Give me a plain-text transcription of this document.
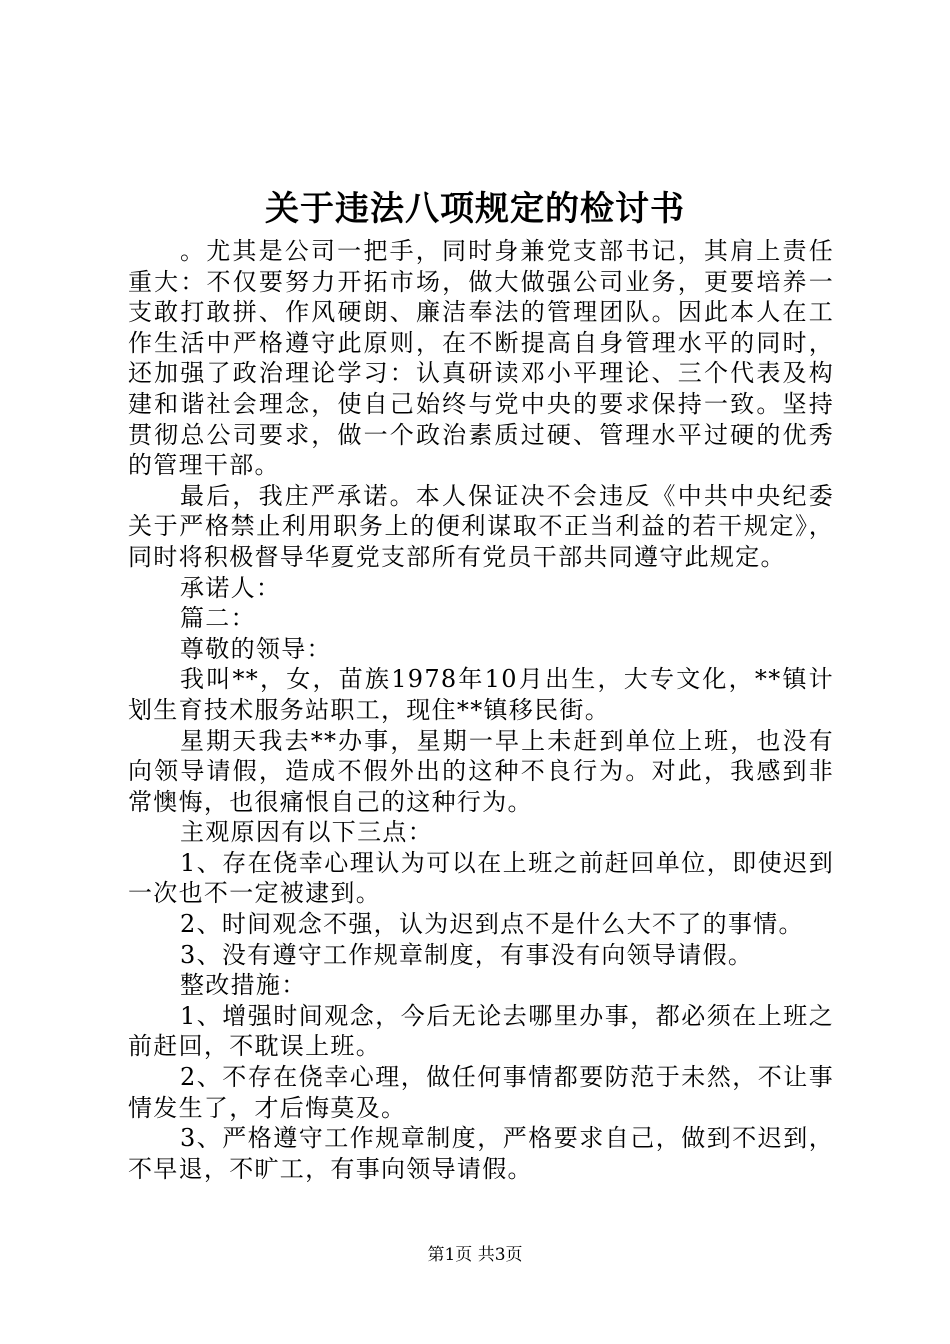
关于违法八项规定的检讨书

。尤其是公司一把手，同时身兼党支部书记，其肩上责任重大：不仅要努力开拓市场，做大做强公司业务，更要培养一支敢打敢拼、作风硬朗、廉洁奉法的管理团队。因此本人在工作生活中严格遵守此原则，在不断提高自身管理水平的同时，还加强了政治理论学习：认真研读邓小平理论、三个代表及构建和谐社会理念，使自己始终与党中央的要求保持一致。坚持贯彻总公司要求，做一个政治素质过硬、管理水平过硬的优秀的管理干部。

最后，我庄严承诺。本人保证决不会违反《中共中央纪委关于严格禁止利用职务上的便利谋取不正当利益的若干规定》，同时将积极督导华夏党支部所有党员干部共同遵守此规定。

承诺人：

篇二：

尊敬的领导：

我叫**，女，苗族1978年10月出生，大专文化，**镇计划生育技术服务站职工，现住**镇移民街。

星期天我去**办事，星期一早上未赶到单位上班，也没有向领导请假，造成不假外出的这种不良行为。对此，我感到非常懊悔，也很痛恨自己的这种行为。

主观原因有以下三点：

1、存在侥幸心理认为可以在上班之前赶回单位，即使迟到一次也不一定被逮到。

2、时间观念不强，认为迟到点不是什么大不了的事情。

3、没有遵守工作规章制度，有事没有向领导请假。

整改措施：

1、增强时间观念，今后无论去哪里办事，都必须在上班之前赶回，不耽误上班。

2、不存在侥幸心理，做任何事情都要防范于未然，不让事情发生了，才后悔莫及。

3、严格遵守工作规章制度，严格要求自己，做到不迟到，不早退，不旷工，有事向领导请假。

第1页 共3页
